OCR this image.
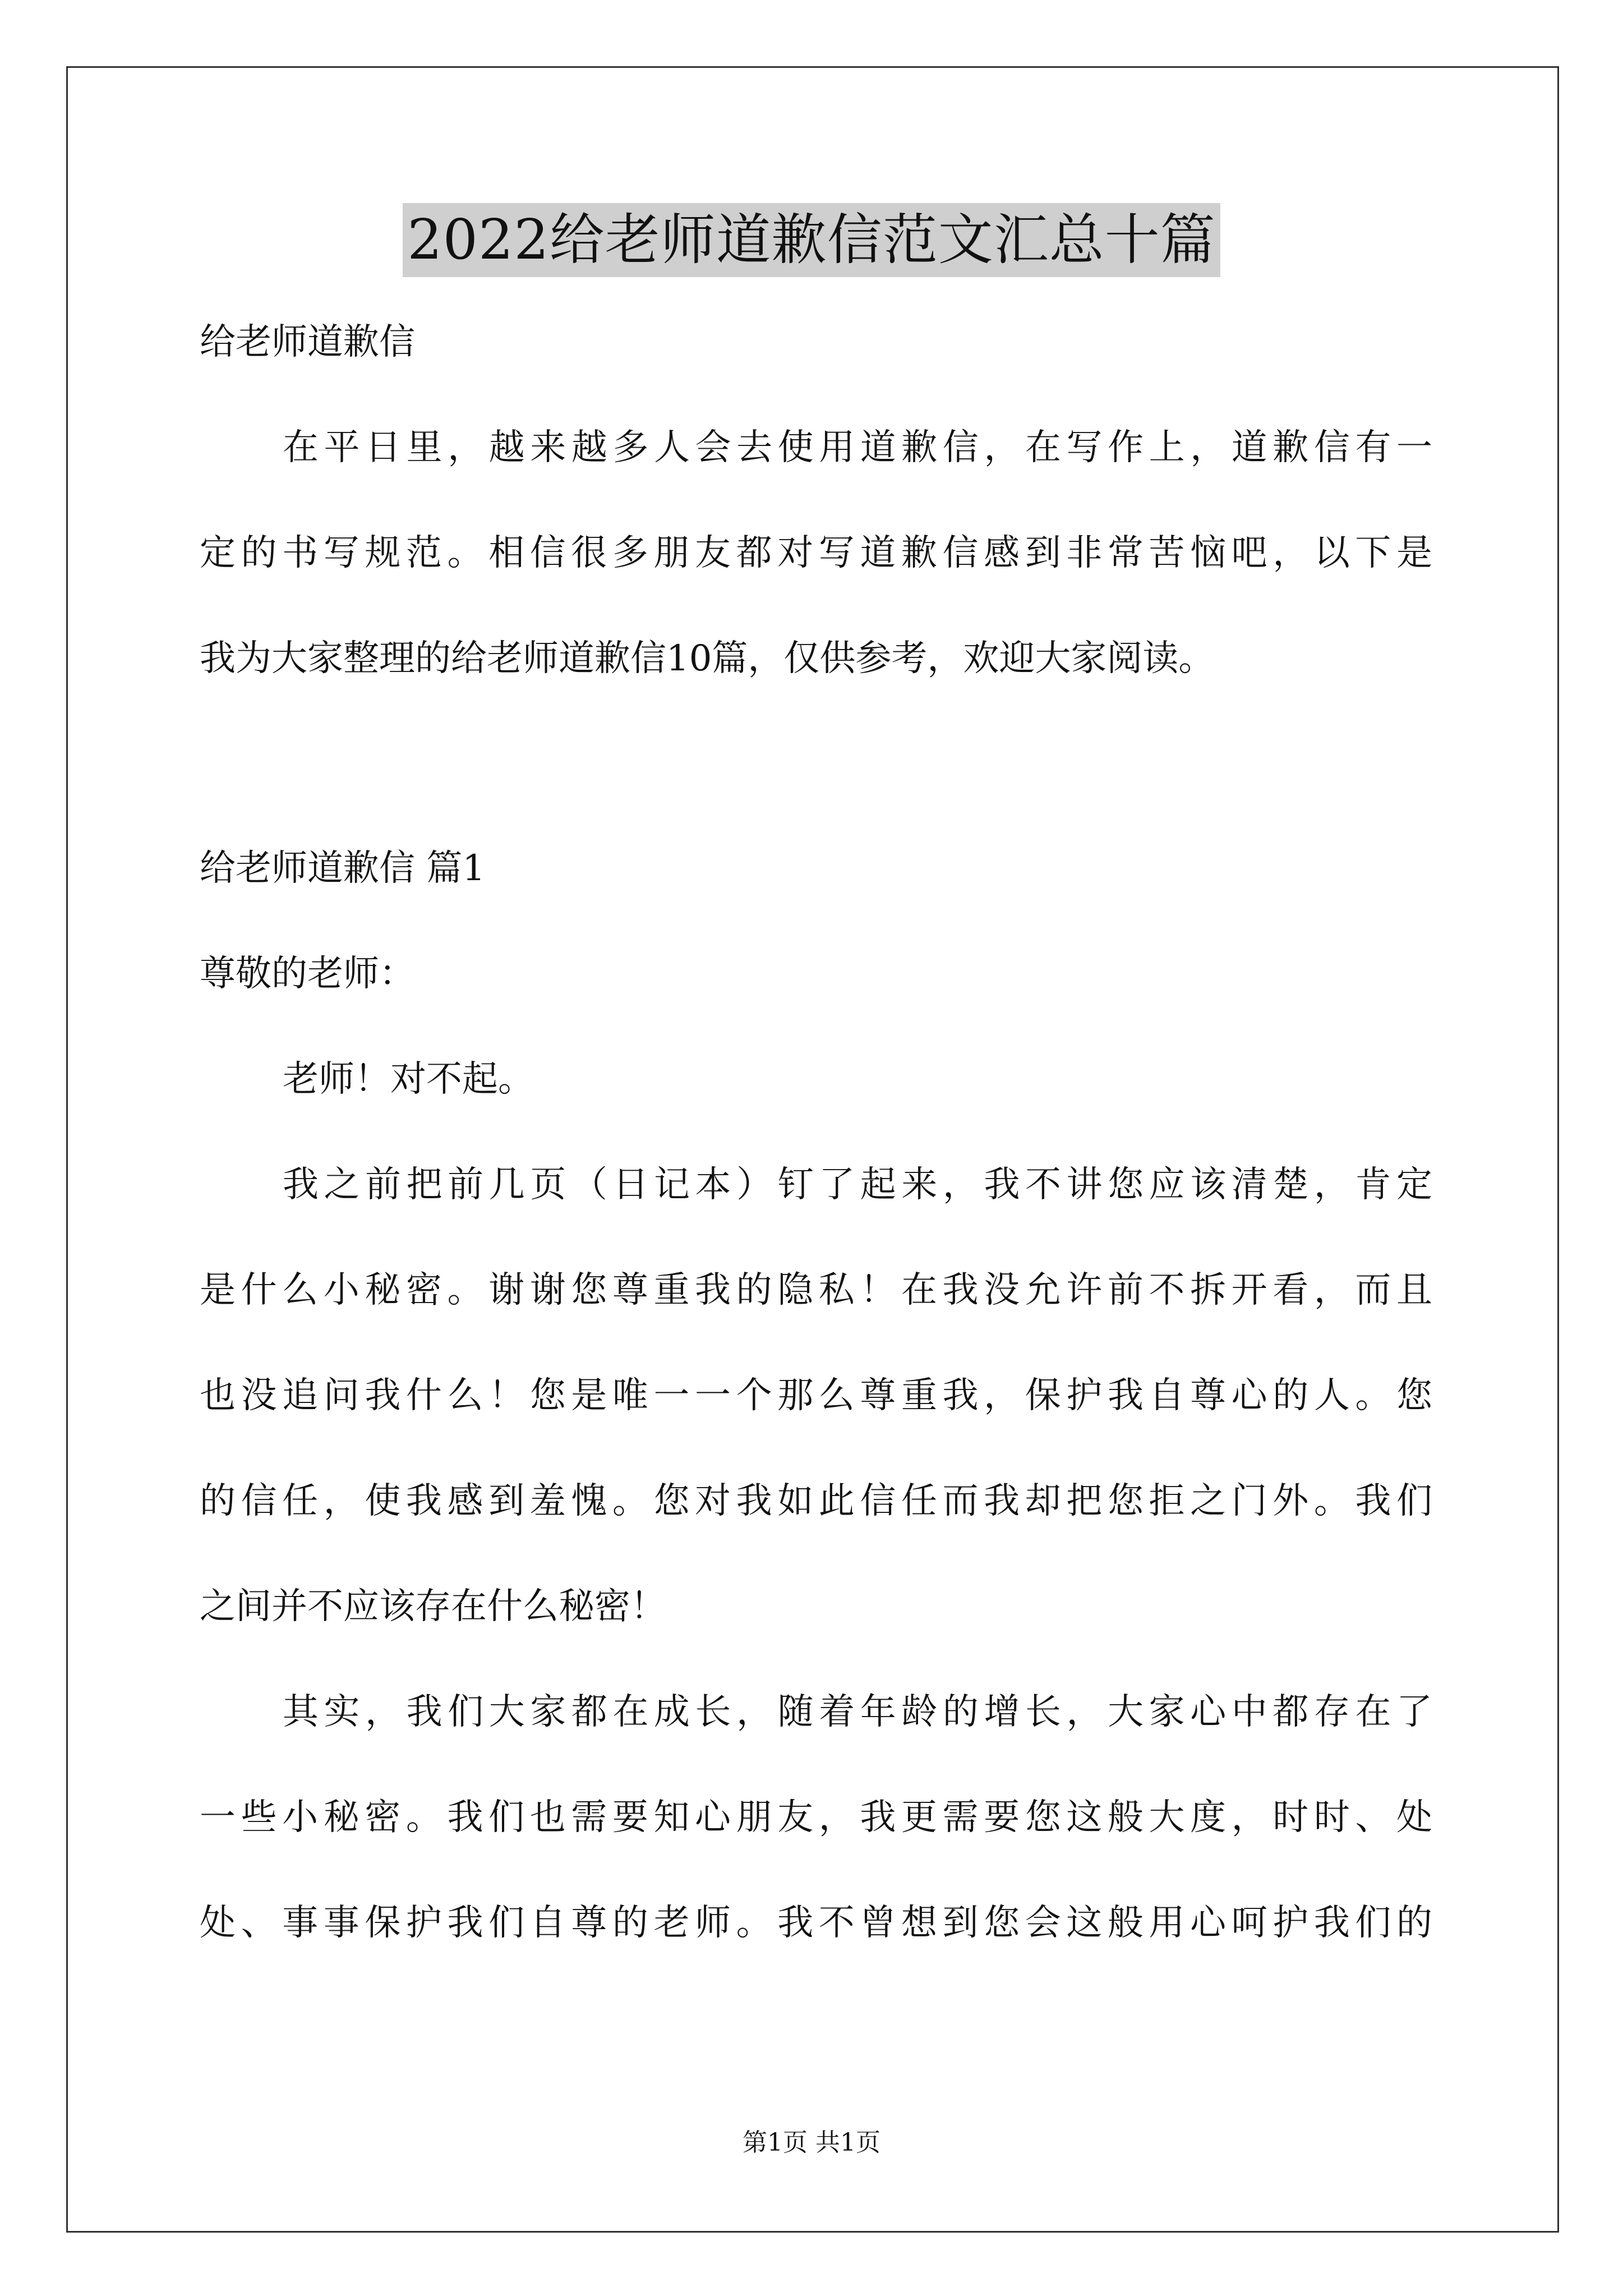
2022给老师道歉信范文汇总十篇
给老师道歉信
在平日里，越来越多人会去使用道歉信，在写作上，道歉信有一
定的书写规范。相信很多朋友都对写道歉信感到非常苦恼吧，以下是
我为大家整理的给老师道歉信10篇，仅供参考，欢迎大家阅读。
给老师道歉信 篇1
尊敬的老师：
老师！对不起。
我之前把前几页（日记本）钉了起来，我不讲您应该清楚，肯定
是什么小秘密。谢谢您尊重我的隐私！在我没允许前不拆开看，而且
也没追问我什么！您是唯一一个那么尊重我，保护我自尊心的人。您
的信任，使我感到羞愧。您对我如此信任而我却把您拒之门外。我们
之间并不应该存在什么秘密！
其实，我们大家都在成长，随着年龄的增长，大家心中都存在了
一些小秘密。我们也需要知心朋友，我更需要您这般大度，时时、处
处、事事保护我们自尊的老师。我不曾想到您会这般用心呵护我们的
第1页 共1页
